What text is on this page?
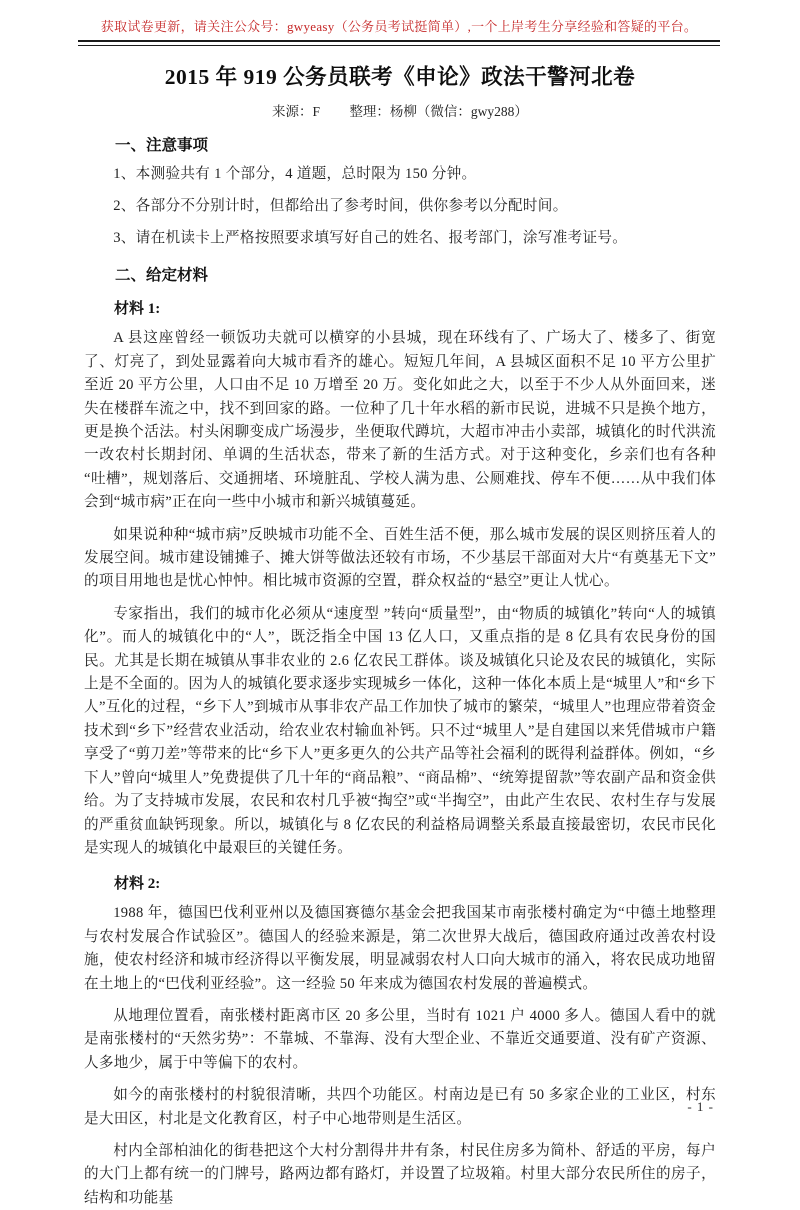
获取试卷更新，请关注公众号：gwyeasy（公务员考试挺简单）,一个上岸考生分享经验和答疑的平台。
2015 年 919 公务员联考《申论》政法干警河北卷
来源：F 整理：杨柳（微信：gwy288）
一、注意事项

1、本测验共有 1 个部分，4 道题，总时限为 150 分钟。

2、各部分不分别计时，但都给出了参考时间，供你参考以分配时间。

3、请在机读卡上严格按照要求填写好自己的姓名、报考部门，涂写准考证号。

二、给定材料
材料 1:

A 县这座曾经一顿饭功夫就可以横穿的小县城，现在环线有了、广场大了、楼多了、街宽了、灯亮了，到处显露着向大城市看齐的雄心。短短几年间，A 县城区面积不足 10 平方公里扩至近 20 平方公里，人口由不足 10 万增至 20 万。变化如此之大，以至于不少人从外面回来，迷失在楼群车流之中，找不到回家的路。一位种了几十年水稻的新市民说，进城不只是换个地方，更是换个活法。村头闲聊变成广场漫步，坐便取代蹲坑，大超市冲击小卖部，城镇化的时代洪流一改农村长期封闭、单调的生活状态，带来了新的生活方式。对于这种变化，乡亲们也有各种“吐槽”，规划落后、交通拥堵、环境脏乱、学校人满为患、公厕难找、停车不便……从中我们体会到“城市病”正在向一些中小城市和新兴城镇蔓延。

如果说种种“城市病”反映城市功能不全、百姓生活不便，那么城市发展的误区则挤压着人的发展空间。城市建设铺摊子、摊大饼等做法还较有市场，不少基层干部面对大片“有奠基无下文”的项目用地也是忧心忡忡。相比城市资源的空置，群众权益的“悬空”更让人忧心。

专家指出，我们的城市化必须从“速度型 ”转向“质量型”，由“物质的城镇化”转向“人的城镇化”。而人的城镇化中的“人”，既泛指全中国 13 亿人口，又重点指的是 8 亿具有农民身份的国民。尤其是长期在城镇从事非农业的 2.6 亿农民工群体。谈及城镇化只论及农民的城镇化，实际上是不全面的。因为人的城镇化要求逐步实现城乡一体化，这种一体化本质上是“城里人”和“乡下人”互化的过程，“乡下人”到城市从事非农产品工作加快了城市的繁荣，“城里人”也理应带着资金技术到“乡下”经营农业活动，给农业农村输血补钙。只不过“城里人”是自建国以来凭借城市户籍享受了“剪刀差”等带来的比“乡下人”更多更久的公共产品等社会福利的既得利益群体。例如，“乡下人”曾向“城里人”免费提供了几十年的“商品粮”、“商品棉”、“统筹提留款”等农副产品和资金供给。为了支持城市发展，农民和农村几乎被“掏空”或“半掏空”，由此产生农民、农村生存与发展的严重贫血缺钙现象。所以，城镇化与 8 亿农民的利益格局调整关系最直接最密切，农民市民化是实现人的城镇化中最艰巨的关键任务。

材料 2:

1988 年，德国巴伐利亚州以及德国赛德尔基金会把我国某市南张楼村确定为“中德土地整理与农村发展合作试验区”。德国人的经验来源是，第二次世界大战后，德国政府通过改善农村设施，使农村经济和城市经济得以平衡发展，明显减弱农村人口向大城市的涌入，将农民成功地留在土地上的“巴伐利亚经验”。这一经验 50 年来成为德国农村发展的普遍模式。

从地理位置看，南张楼村距离市区 20 多公里，当时有 1021 户 4000 多人。德国人看中的就是南张楼村的“天然劣势”：不靠城、不靠海、没有大型企业、不靠近交通要道、没有矿产资源、人多地少，属于中等偏下的农村。

如今的南张楼村的村貌很清晰，共四个功能区。村南边是已有 50 多家企业的工业区，村东是大田区，村北是文化教育区，村子中心地带则是生活区。

村内全部柏油化的街巷把这个大村分割得井井有条，村民住房多为简朴、舒适的平房，每户的大门上都有统一的门牌号，路两边都有路灯，并设置了垃圾箱。村里大部分农民所住的房子，结构和功能基

- 1 -
